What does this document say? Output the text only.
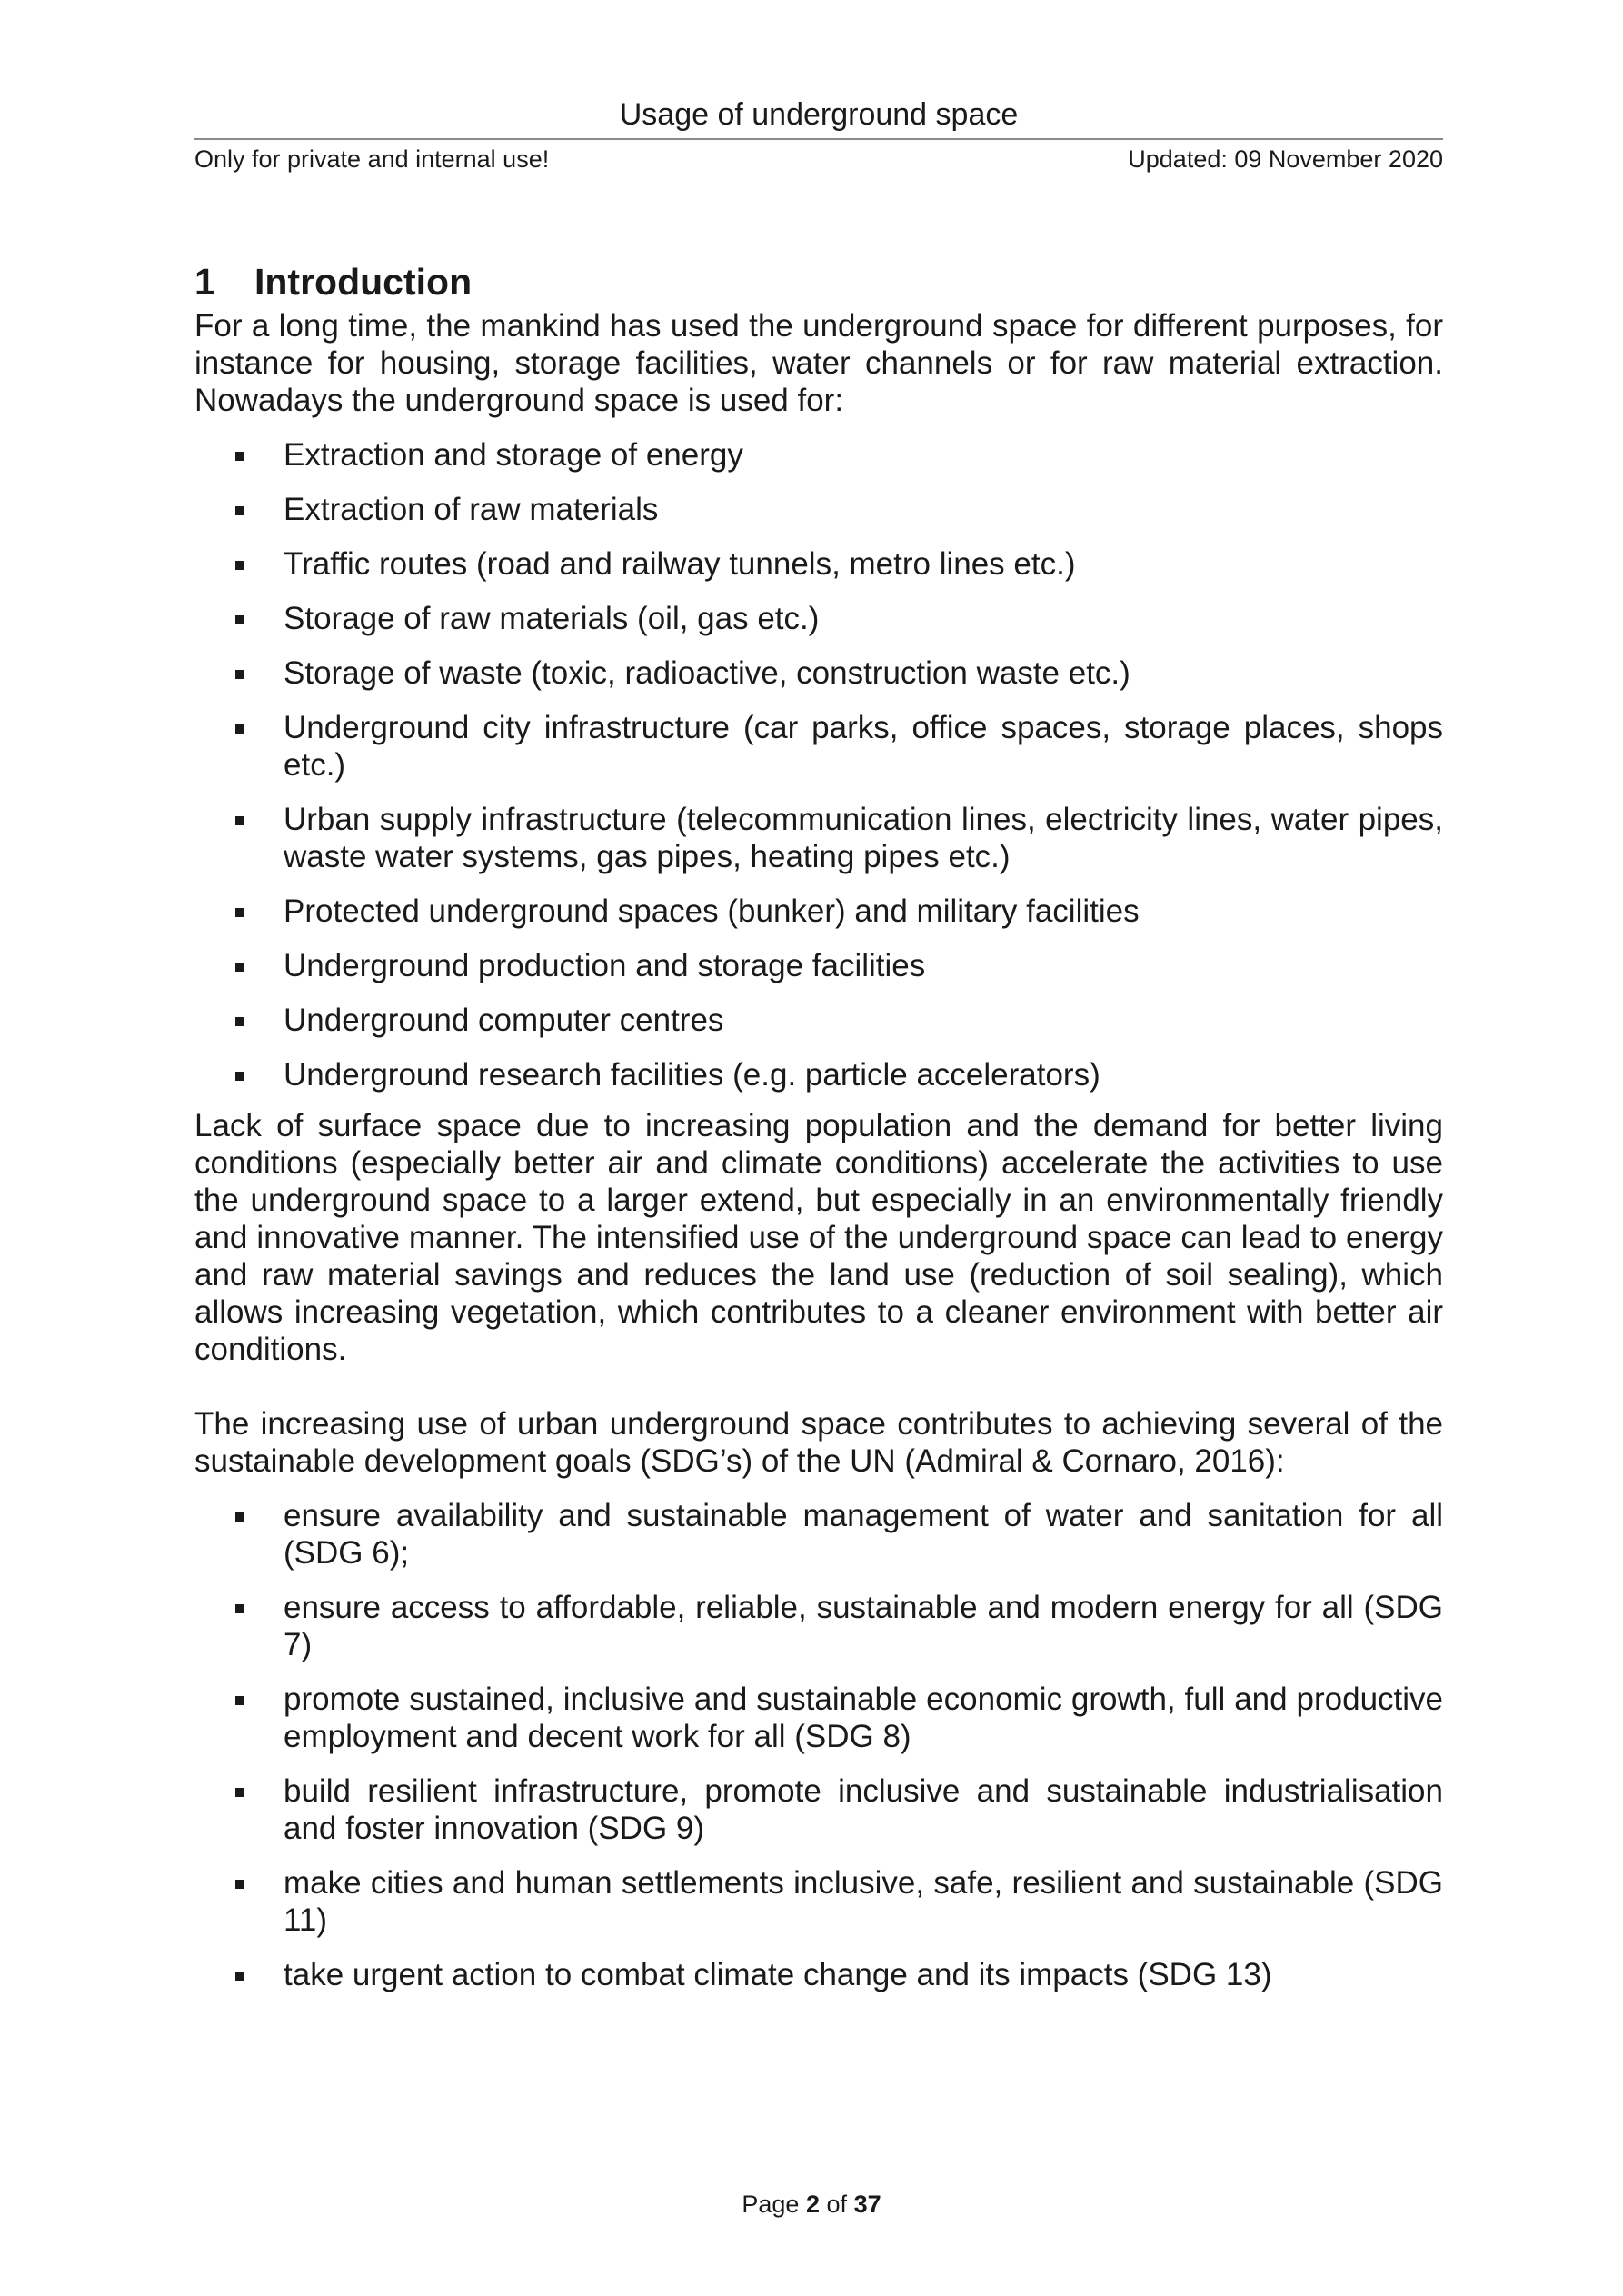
Usage of underground space
Only for private and internal use!	Updated: 09 November 2020
1 Introduction

For a long time, the mankind has used the underground space for different purposes, for instance for housing, storage facilities, water channels or for raw material extraction. Nowadays the underground space is used for:

Extraction and storage of energy
Extraction of raw materials
Traffic routes (road and railway tunnels, metro lines etc.)
Storage of raw materials (oil, gas etc.)
Storage of waste (toxic, radioactive, construction waste etc.)
Underground city infrastructure (car parks, office spaces, storage places, shops etc.)
Urban supply infrastructure (telecommunication lines, electricity lines, water pipes, waste water systems, gas pipes, heating pipes etc.)
Protected underground spaces (bunker) and military facilities
Underground production and storage facilities
Underground computer centres
Underground research facilities (e.g. particle accelerators)

Lack of surface space due to increasing population and the demand for better living conditions (especially better air and climate conditions) accelerate the activities to use the underground space to a larger extend, but especially in an environmentally friendly and innovative manner. The intensified use of the underground space can lead to energy and raw material savings and reduces the land use (reduction of soil sealing), which allows increasing vegetation, which contributes to a cleaner environment with better air conditions.

The increasing use of urban underground space contributes to achieving several of the sustainable development goals (SDG’s) of the UN (Admiral & Cornaro, 2016):

ensure availability and sustainable management of water and sanitation for all (SDG 6);
ensure access to affordable, reliable, sustainable and modern energy for all (SDG 7)
promote sustained, inclusive and sustainable economic growth, full and productive employment and decent work for all (SDG 8)
build resilient infrastructure, promote inclusive and sustainable industrialisation and foster innovation (SDG 9)
make cities and human settlements inclusive, safe, resilient and sustainable (SDG 11)
take urgent action to combat climate change and its impacts (SDG 13)
Page 2 of 37
